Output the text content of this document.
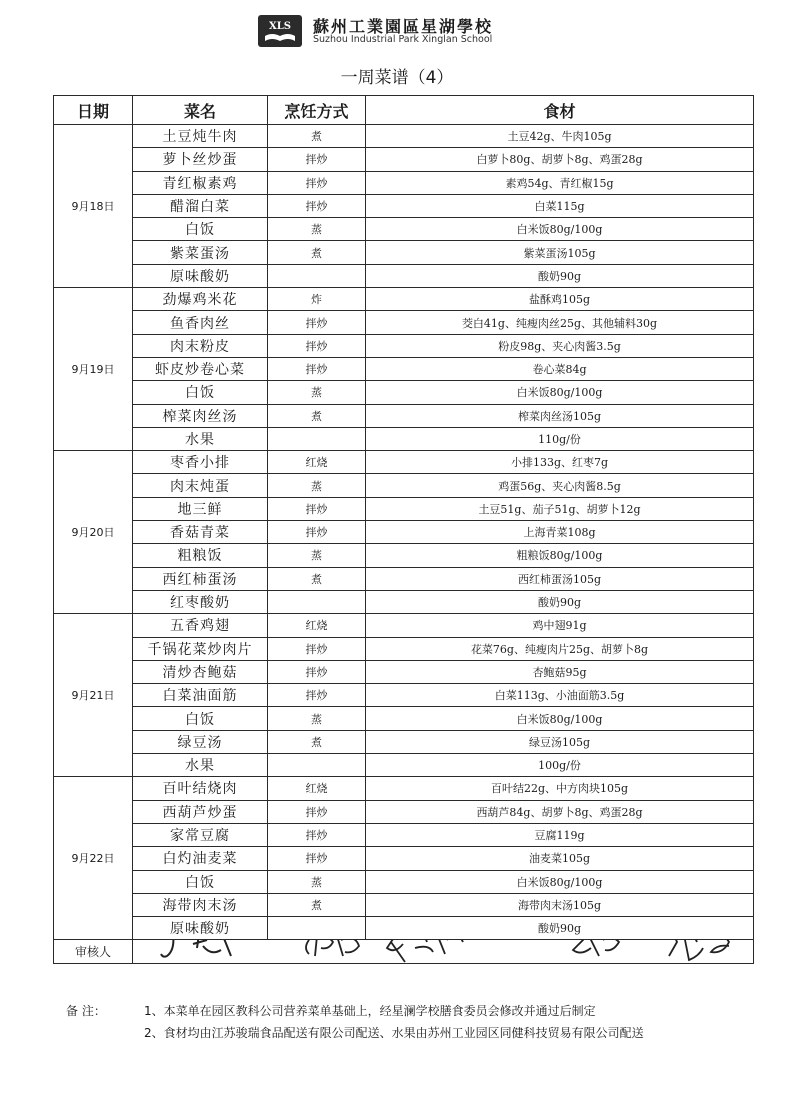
XLS 蘇州工業園區星湖學校
Suzhou Industrial Park Xinglan School
一周菜谱（4）
日期	菜名	烹饪方式	食材
9月18日	土豆炖牛肉	煮	土豆42g、牛肉105g
	萝卜丝炒蛋	拌炒	白萝卜80g、胡萝卜8g、鸡蛋28g
	青红椒素鸡	拌炒	素鸡54g、青红椒15g
	醋溜白菜	拌炒	白菜115g
	白饭	蒸	白米饭80g/100g
	紫菜蛋汤	煮	紫菜蛋汤105g
	原味酸奶		酸奶90g
9月19日	劲爆鸡米花	炸	盐酥鸡105g
	鱼香肉丝	拌炒	茭白41g、纯瘦肉丝25g、其他辅料30g
	肉末粉皮	拌炒	粉皮98g、夹心肉酱3.5g
	虾皮炒卷心菜	拌炒	卷心菜84g
	白饭	蒸	白米饭80g/100g
	榨菜肉丝汤	煮	榨菜肉丝汤105g
	水果		110g/份
9月20日	枣香小排	红烧	小排133g、红枣7g
	肉末炖蛋	蒸	鸡蛋56g、夹心肉酱8.5g
	地三鲜	拌炒	土豆51g、茄子51g、胡萝卜12g
	香菇青菜	拌炒	上海青菜108g
	粗粮饭	蒸	粗粮饭80g/100g
	西红柿蛋汤	煮	西红柿蛋汤105g
	红枣酸奶		酸奶90g
9月21日	五香鸡翅	红烧	鸡中翅91g
	千锅花菜炒肉片	拌炒	花菜76g、纯瘦肉片25g、胡萝卜8g
	清炒杏鲍菇	拌炒	杏鲍菇95g
	白菜油面筋	拌炒	白菜113g、小油面筋3.5g
	白饭	蒸	白米饭80g/100g
	绿豆汤	煮	绿豆汤105g
	水果		100g/份
9月22日	百叶结烧肉	红烧	百叶结22g、中方肉块105g
	西葫芦炒蛋	拌炒	西葫芦84g、胡萝卜8g、鸡蛋28g
	家常豆腐	拌炒	豆腐119g
	白灼油麦菜	拌炒	油麦菜105g
	白饭	蒸	白米饭80g/100g
	海带肉末汤	煮	海带肉末汤105g
	原味酸奶		酸奶90g
审核人	
备 注：	1、本菜单在园区教科公司营养菜单基础上，经星澜学校膳食委员会修改并通过后制定
2、食材均由江苏骏瑞食品配送有限公司配送、水果由苏州工业园区同健科技贸易有限公司配送
